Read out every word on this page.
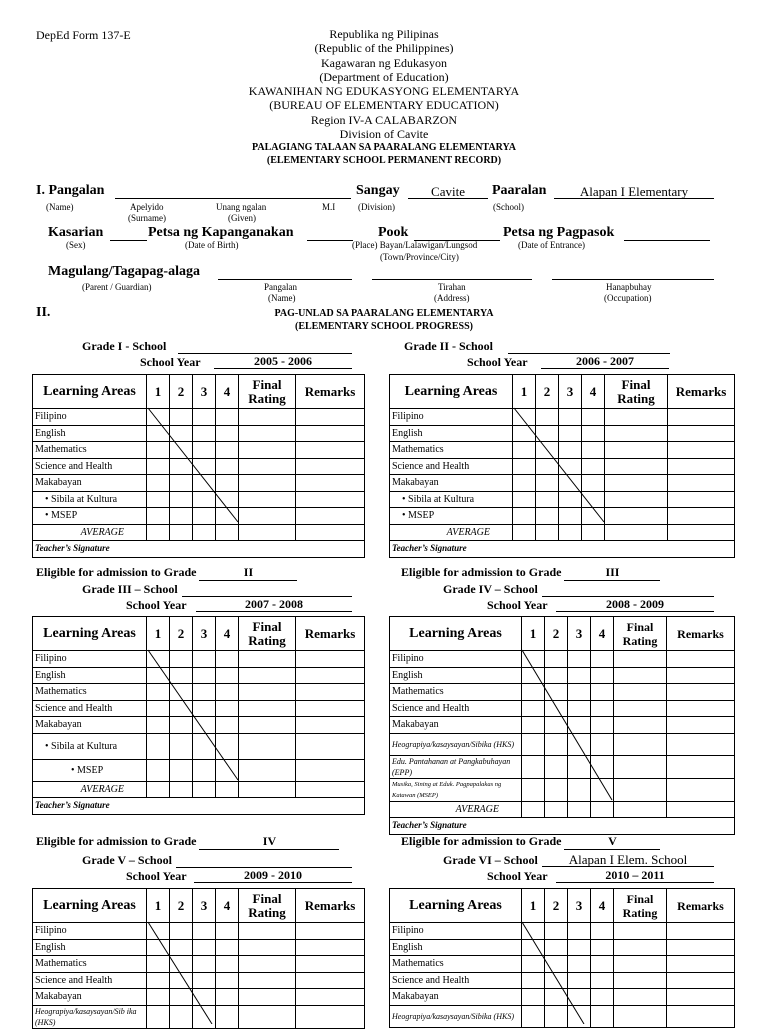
DepEd Form 137-E	Republika ng Pilipinas
(Republic of the Philippines)
Kagawaran ng Edukasyon
(Department of Education)
KAWANIHAN NG EDUKASYONG ELEMENTARYA
(BUREAU OF ELEMENTARY EDUCATION)
Region IV-A CALABARZON
Division of Cavite
PALAGIANG TALAAN SA PAARALANG ELEMENTARYA
(ELEMENTARY SCHOOL PERMANENT RECORD)
I. Pangalan
(Name)	Apelyido
(Surname)
Unang ngalan
(Given)
M.I
Sangay	Cavite
(Division)
Paaralan	Alapan I Elementary
(School)
Kasarian
(Sex)
Petsa ng Kapanganakan
(Date of Birth)
Pook
(Place) Bayan/Lalawigan/Lungsod
(Town/Province/City)
Petsa ng Pagpasok
(Date of Entrance)
Magulang/Tagapag-alaga
(Parent / Guardian)	Pangalan
(Name)
Tirahan
(Address)
Hanapbuhay
(Occupation)
II.	PAG-UNLAD SA PAARALANG ELEMENTARYA
(ELEMENTARY SCHOOL PROGRESS)
Grade I - School
School Year	2005 - 2006
Learning Areas	1	2	3	4	Final
Rating	Remarks
Filipino						
English						
Mathematics						
Science and Health						
Makabayan						
• Sibila at Kultura						
• MSEP						
AVERAGE						
Teacher’s Signature						
Grade II - School
School Year	2006 - 2007
Learning Areas	1	2	3	4	Final
Rating	Remarks
Filipino						
English						
Mathematics						
Science and Health						
Makabayan						
• Sibila at Kultura						
• MSEP						
AVERAGE						
Teacher’s Signature						
Eligible for admission to Grade	II	Eligible for admission to Grade	III
Grade III – School
School Year	2007 - 2008
Learning Areas	1	2	3	4	Final
Rating	Remarks
Filipino						
English						
Mathematics						
Science and Health						
Makabayan						
• Sibila at Kultura						
• MSEP						
AVERAGE						
Teacher’s Signature						
Grade IV – School
School Year	2008 - 2009
Learning Areas	1	2	3	4	Final
Rating	Remarks
Filipino						
English						
Mathematics						
Science and Health						
Makabayan						
Heograpiya/kasaysayan/Sibika (HKS)						
Edu. Pantahanan at Pangkabuhayan (EPP)						
Musika, Sining at Eduk. Pagpapalakas ng Katawan (MSEP)						
AVERAGE						
Teacher’s Signature						
Eligible for admission to Grade	IV	Eligible for admission to Grade	V
Grade V – School
School Year	2009 - 2010
Learning Areas	1	2	3	4	Final
Rating	Remarks
Filipino						
English						
Mathematics						
Science and Health						
Makabayan						
Heograpiya/kasaysayan/Sib ika (HKS)						
Grade VI – School	Alapan I Elem. School
School Year	2010 – 2011
Learning Areas	1	2	3	4	Final
Rating	Remarks
Filipino						
English						
Mathematics						
Science and Health						
Makabayan						
Heograpiya/kasaysayan/Sibika (HKS)						
